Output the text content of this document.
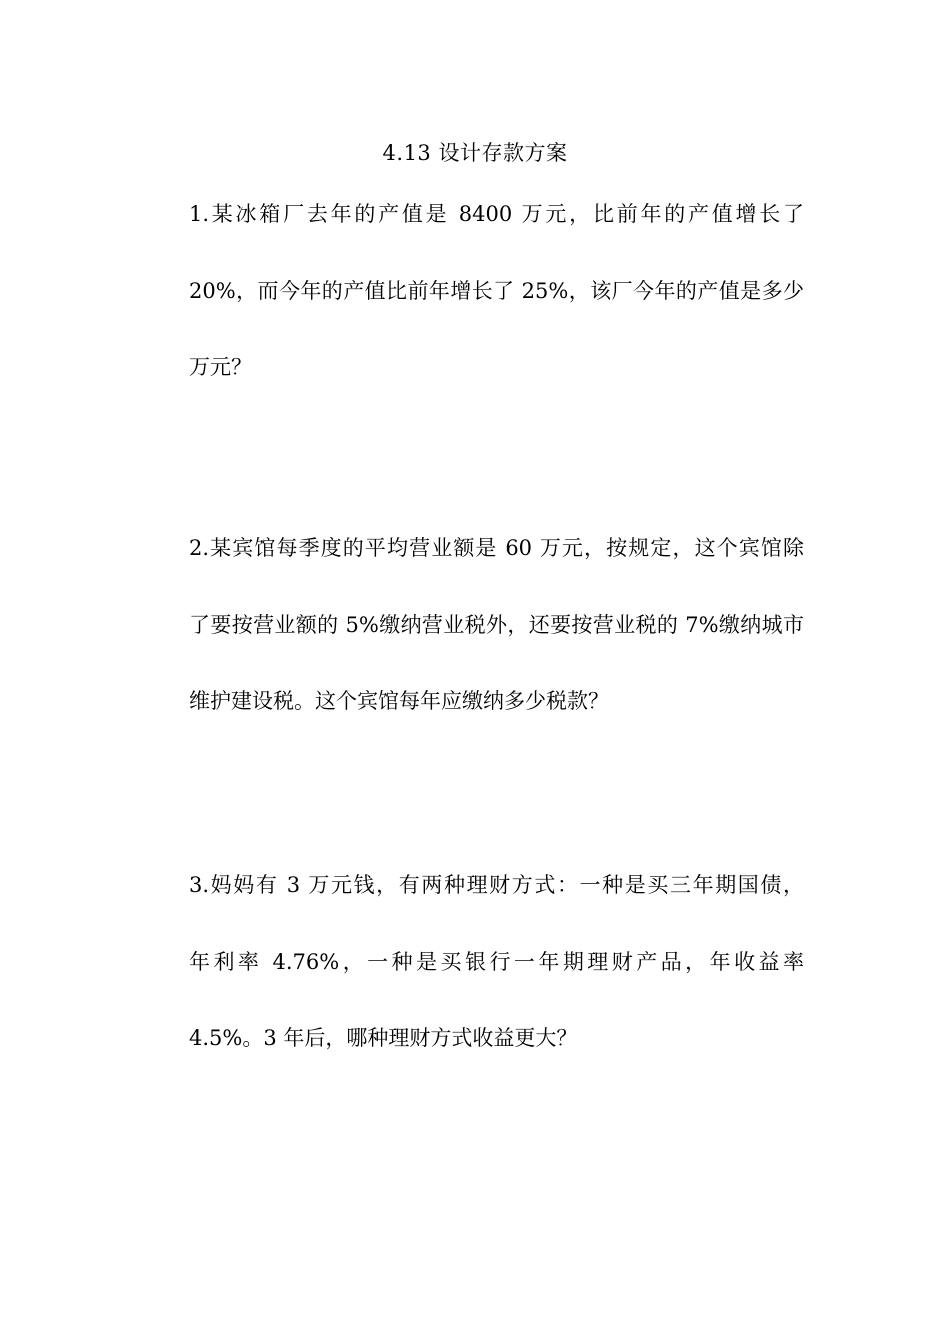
4.13 设计存款方案
1.某冰箱厂去年的产值是 8400 万元，比前年的产值增长了
20%，而今年的产值比前年增长了 25%，该厂今年的产值是多少
万元？
2.某宾馆每季度的平均营业额是 60 万元，按规定，这个宾馆除
了要按营业额的 5%缴纳营业税外，还要按营业税的 7%缴纳城市
维护建设税。这个宾馆每年应缴纳多少税款？
3.妈妈有 3 万元钱，有两种理财方式：一种是买三年期国债，
年利率 4.76%，一种是买银行一年期理财产品，年收益率
4.5%。3 年后，哪种理财方式收益更大？
